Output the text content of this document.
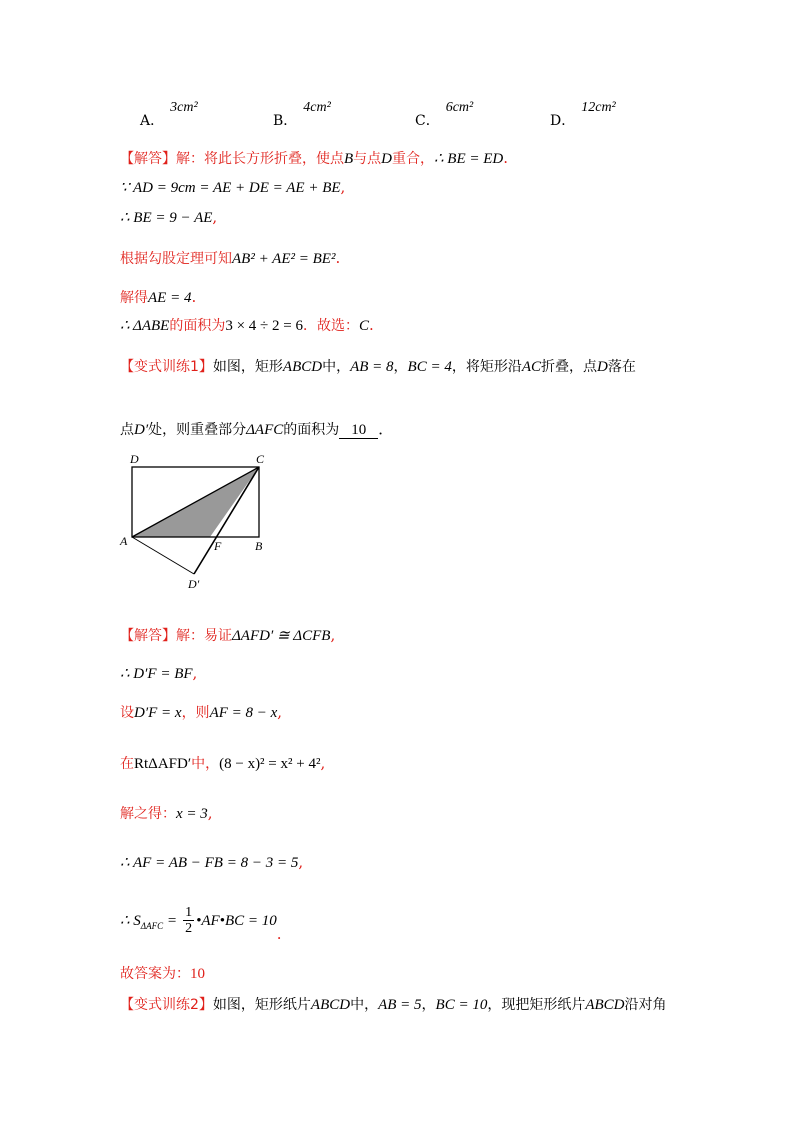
A．3cm²
B．4cm²
C．6cm²
D．12cm²
【解答】解：将此长方形折叠，使点B与点D重合，∴ BE = ED.
∵ AD = 9cm = AE + DE = AE + BE,
∴ BE = 9 − AE,
根据勾股定理可知AB² + AE² = BE².
解得AE = 4.
∴ ΔABE的面积为3 × 4 ÷ 2 = 6．故选：C.
【变式训练1】如图，矩形ABCD中，AB = 8，BC = 4，将矩形沿AC折叠，点D落在
点D′处，则重叠部分ΔAFC的面积为 10 ．
D	C
A	F	B
D′
【解答】解：易证ΔAFD′ ≅ ΔCFB,
∴ D′F = BF,
设D′F = x，则AF = 8 − x,
在RtΔAFD′中，(8 − x)² = x² + 4²,
解之得：x = 3,
∴ AF = AB − FB = 8 − 3 = 5,
∴ $S_{\Delta AFC} = \frac{1}{2}$ •AF•BC = 10.
故答案为：10
【变式训练2】如图，矩形纸片ABCD中，AB = 5，BC = 10，现把矩形纸片ABCD沿对角
